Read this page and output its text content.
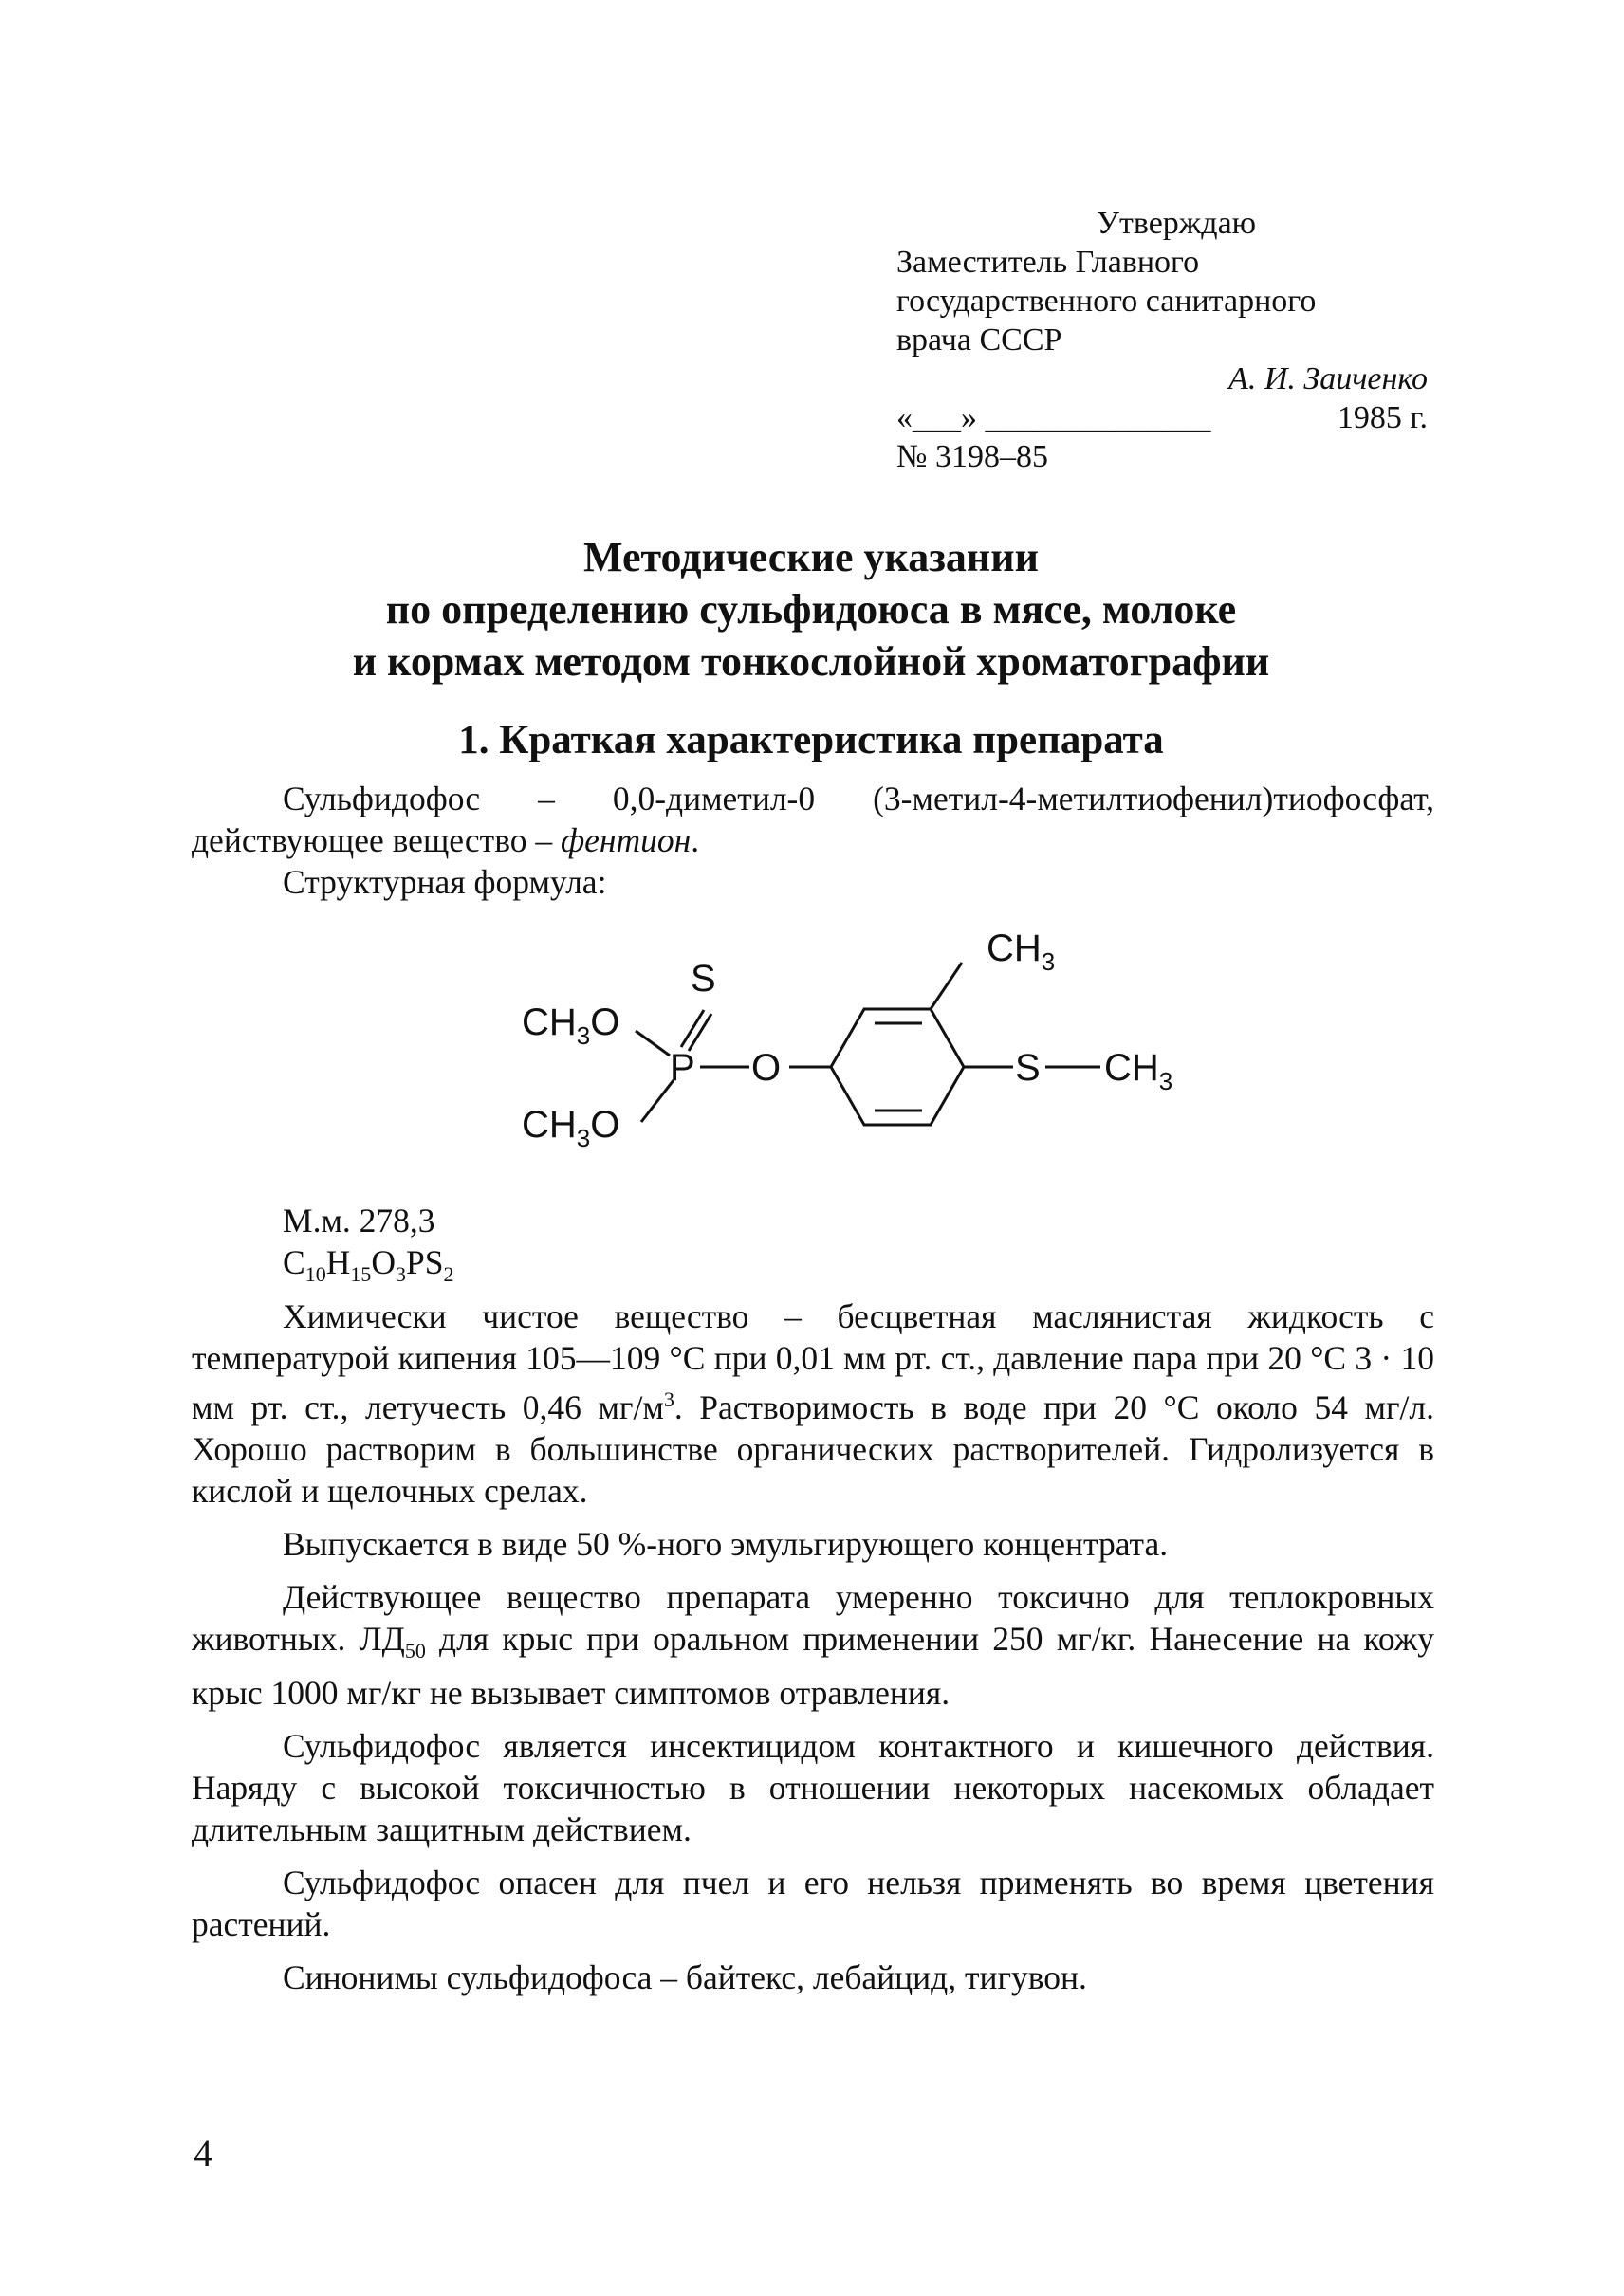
Утверждаю
Заместитель Главного
государственного санитарного
врача СССР
А. И. Заиченко
«___» ______________	1985 г.
№ 3198–85
Методические указании
по определению сульфидоюса в мясе, молоке
и кормах методом тонкослойной хроматографии
1. Краткая характеристика препарата

Сульфидофос – 0,0-диметил-0 (3-метил-4-метилтиофенил)тиофосфат, действующее вещество – фентион.

Структурная формула:
S
$CH_3$
$CH_3O$
P O	S $CH_3$
$CH_3O$
М.м. 278,3
$C_{10}H_{15}O_3PS_2$

Химически чистое вещество – бесцветная маслянистая жидкость с температурой кипения 105—109 °С при 0,01 мм рт. ст., давление пара при 20 °С 3 · 10 мм рт. ст., летучесть 0,46 $мг/м^3$. Растворимость в воде при 20 °С около 54 мг/л. Хорошо растворим в большинстве органических растворителей. Гидролизуется в кислой и щелочных срелах.

Выпускается в виде 50 %-ного эмульгирующего концентрата.

Действующее вещество препарата умеренно токсично для теплокровных животных. $ЛД_{50}$ для крыс при оральном применении 250 мг/кг. Нанесение на кожу крыс 1000 мг/кг не вызывает симптомов отравления.

Сульфидофос является инсектицидом контактного и кишечного действия. Наряду с высокой токсичностью в отношении некоторых насекомых обладает длительным защитным действием.

Сульфидофос опасен для пчел и его нельзя применять во время цветения растений.

Синонимы сульфидофоса – байтекс, лебайцид, тигувон.

4
